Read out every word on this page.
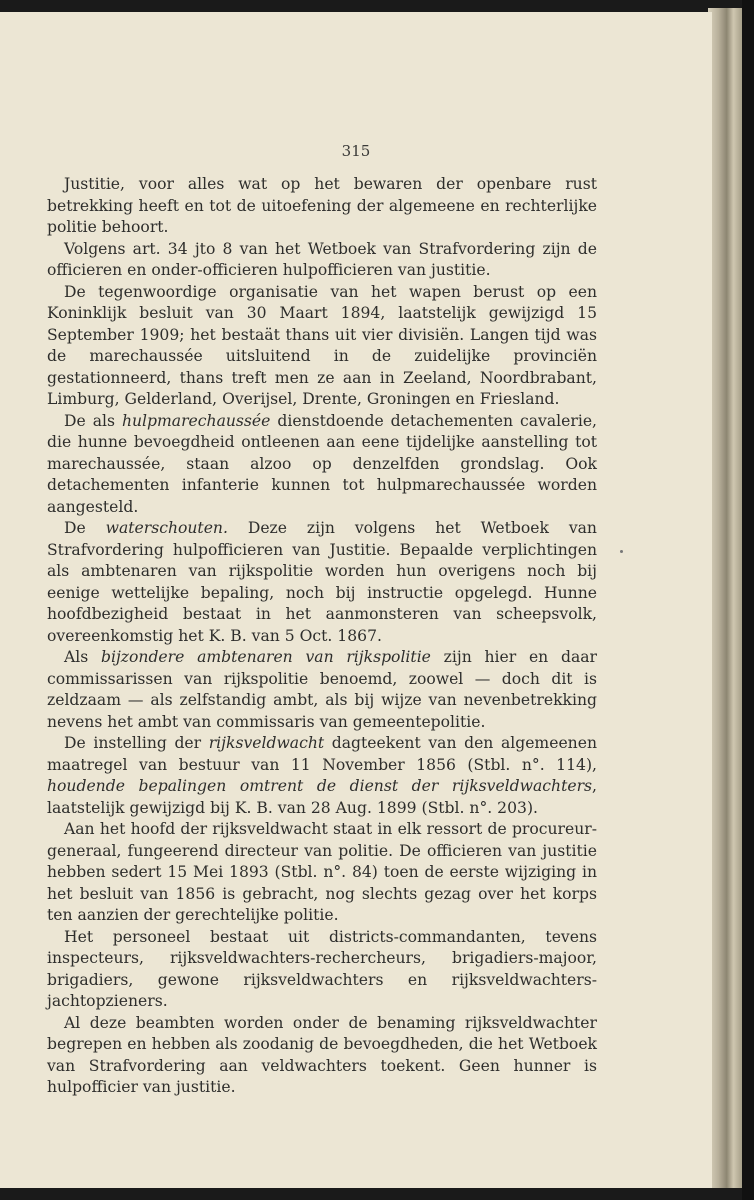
315

Justitie, voor alles wat op het bewaren der openbare rust betrekking heeft en tot de uitoefening der algemeene en rechterlijke politie behoort.

Volgens art. 34 jto 8 van het Wetboek van Strafvordering zijn de officieren en onder-officieren hulpofficieren van justitie.

De tegenwoordige organisatie van het wapen berust op een Koninklijk besluit van 30 Maart 1894, laatstelijk gewijzigd 15 September 1909; het bestaät thans uit vier divisiën. Langen tijd was de marechaussée uitsluitend in de zuidelijke provinciën gestationneerd, thans treft men ze aan in Zeeland, Noordbrabant, Limburg, Gelderland, Overijsel, Drente, Groningen en Friesland.

De als hulpmarechaussée dienstdoende detachementen cavalerie, die hunne bevoegdheid ontleenen aan eene tijdelijke aanstelling tot marechaussée, staan alzoo op denzelfden grondslag. Ook detachementen infanterie kunnen tot hulpmarechaussée worden aangesteld.

De waterschouten. Deze zijn volgens het Wetboek van Strafvordering hulpofficieren van Justitie. Bepaalde verplichtingen als ambtenaren van rijkspolitie worden hun overigens noch bij eenige wettelijke bepaling, noch bij instructie opgelegd. Hunne hoofdbezigheid bestaat in het aanmonsteren van scheepsvolk, overeenkomstig het K. B. van 5 Oct. 1867.

Als bijzondere ambtenaren van rijkspolitie zijn hier en daar commissarissen van rijkspolitie benoemd, zoowel — doch dit is zeldzaam — als zelfstandig ambt, als bij wijze van nevenbetrekking nevens het ambt van commissaris van gemeentepolitie.

De instelling der rijksveldwacht dagteekent van den algemeenen maatregel van bestuur van 11 November 1856 (Stbl. n°. 114), houdende bepalingen omtrent de dienst der rijksveldwachters, laatstelijk gewijzigd bij K. B. van 28 Aug. 1899 (Stbl. n°. 203).

Aan het hoofd der rijksveldwacht staat in elk ressort de procureur-generaal, fungeerend directeur van politie. De officieren van justitie hebben sedert 15 Mei 1893 (Stbl. n°. 84) toen de eerste wijziging in het besluit van 1856 is gebracht, nog slechts gezag over het korps ten aanzien der gerechtelijke politie.

Het personeel bestaat uit districts-commandanten, tevens inspecteurs, rijksveldwachters-rechercheurs, brigadiers-majoor, brigadiers, gewone rijksveldwachters en rijksveldwachters-jachtopzieners.

Al deze beambten worden onder de benaming rijksveldwachter begrepen en hebben als zoodanig de bevoegdheden, die het Wetboek van Strafvordering aan veldwachters toekent. Geen hunner is hulpofficier van justitie.
